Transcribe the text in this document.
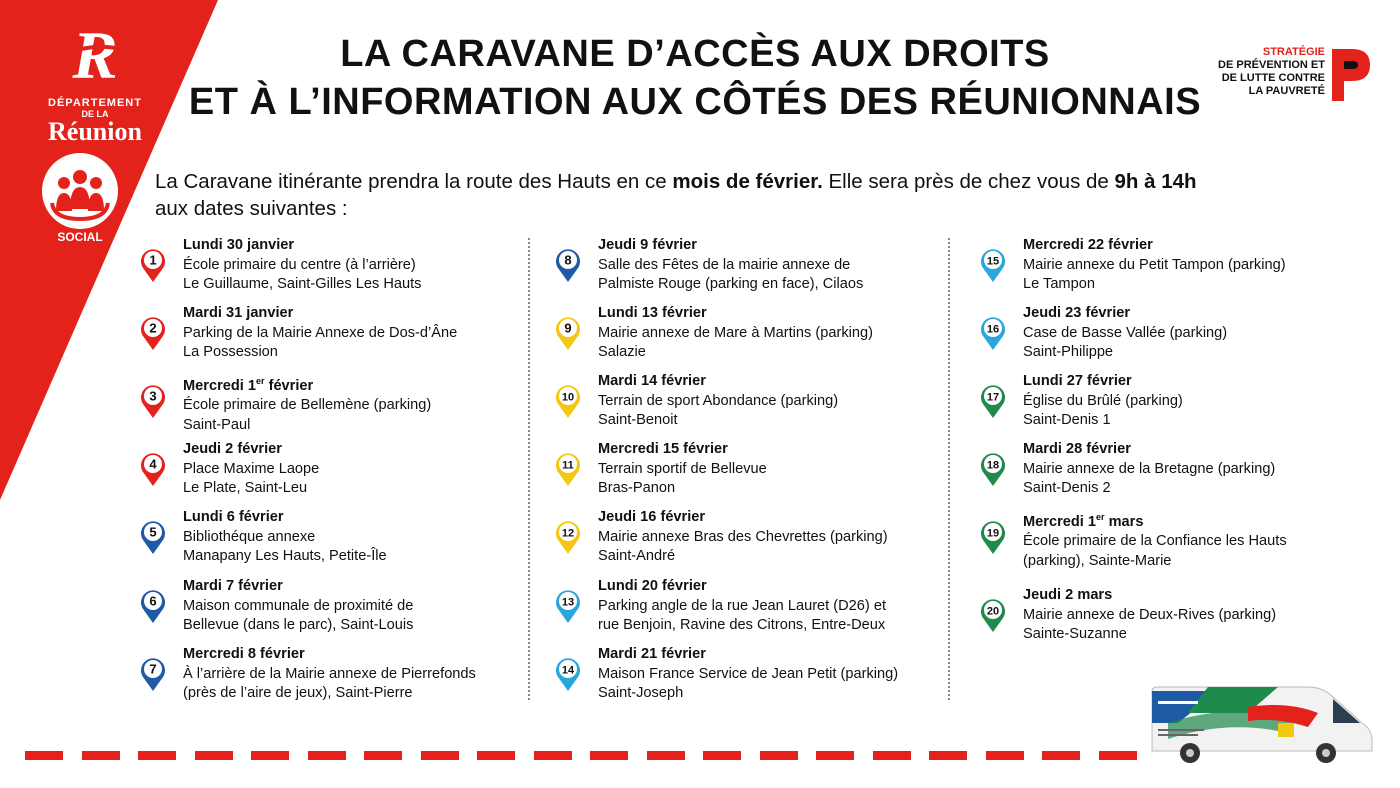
R
DÉPARTEMENT
DE LA
Réunion
SOCIAL
LA CARAVANE D’ACCÈS AUX DROITS
ET À L’INFORMATION AUX CÔTÉS DES RÉUNIONNAIS
STRATÉGIE
DE PRÉVENTION ET
DE LUTTE CONTRE
LA PAUVRETÉ
La Caravane itinérante prendra la route des Hauts en ce mois de février. Elle sera près de chez vous de 9h à 14h
aux dates suivantes :
1
Lundi 30 janvier
École primaire du centre (à l’arrière)
Le Guillaume, Saint-Gilles Les Hauts
2
Mardi 31 janvier
Parking de la Mairie Annexe de Dos-d’Âne
La Possession
3
Mercredi 1er février
École primaire de Bellemène (parking)
Saint-Paul
4
Jeudi 2 février
Place Maxime Laope
Le Plate, Saint-Leu
5
Lundi 6 février
Bibliothéque annexe
Manapany Les Hauts, Petite-Île
6
Mardi 7 février
Maison communale de proximité de
Bellevue (dans le parc), Saint-Louis
7
Mercredi 8 février
À l’arrière de la Mairie annexe de Pierrefonds
(près de l’aire de jeux), Saint-Pierre
8
Jeudi 9 février
Salle des Fêtes de la mairie annexe de
Palmiste Rouge (parking en face), Cilaos
9
Lundi 13 février
Mairie annexe de Mare à Martins (parking)
Salazie
10
Mardi 14 février
Terrain de sport Abondance (parking)
Saint-Benoit
11
Mercredi 15 février
Terrain sportif de Bellevue
Bras-Panon
12
Jeudi 16 février
Mairie annexe Bras des Chevrettes (parking)
Saint-André
13
Lundi 20 février
Parking angle de la rue Jean Lauret (D26) et
rue Benjoin, Ravine des Citrons, Entre-Deux
14
Mardi 21 février
Maison France Service de Jean Petit (parking)
Saint-Joseph
15
Mercredi 22 février
Mairie annexe du Petit Tampon (parking)
Le Tampon
16
Jeudi 23 février
Case de Basse Vallée (parking)
Saint-Philippe
17
Lundi 27 février
Église du Brûlé (parking)
Saint-Denis 1
18
Mardi 28 février
Mairie annexe de la Bretagne (parking)
Saint-Denis 2
19
Mercredi 1er mars
École primaire de la Confiance les Hauts
(parking), Sainte-Marie
20
Jeudi 2 mars
Mairie annexe de Deux-Rives (parking)
Sainte-Suzanne
